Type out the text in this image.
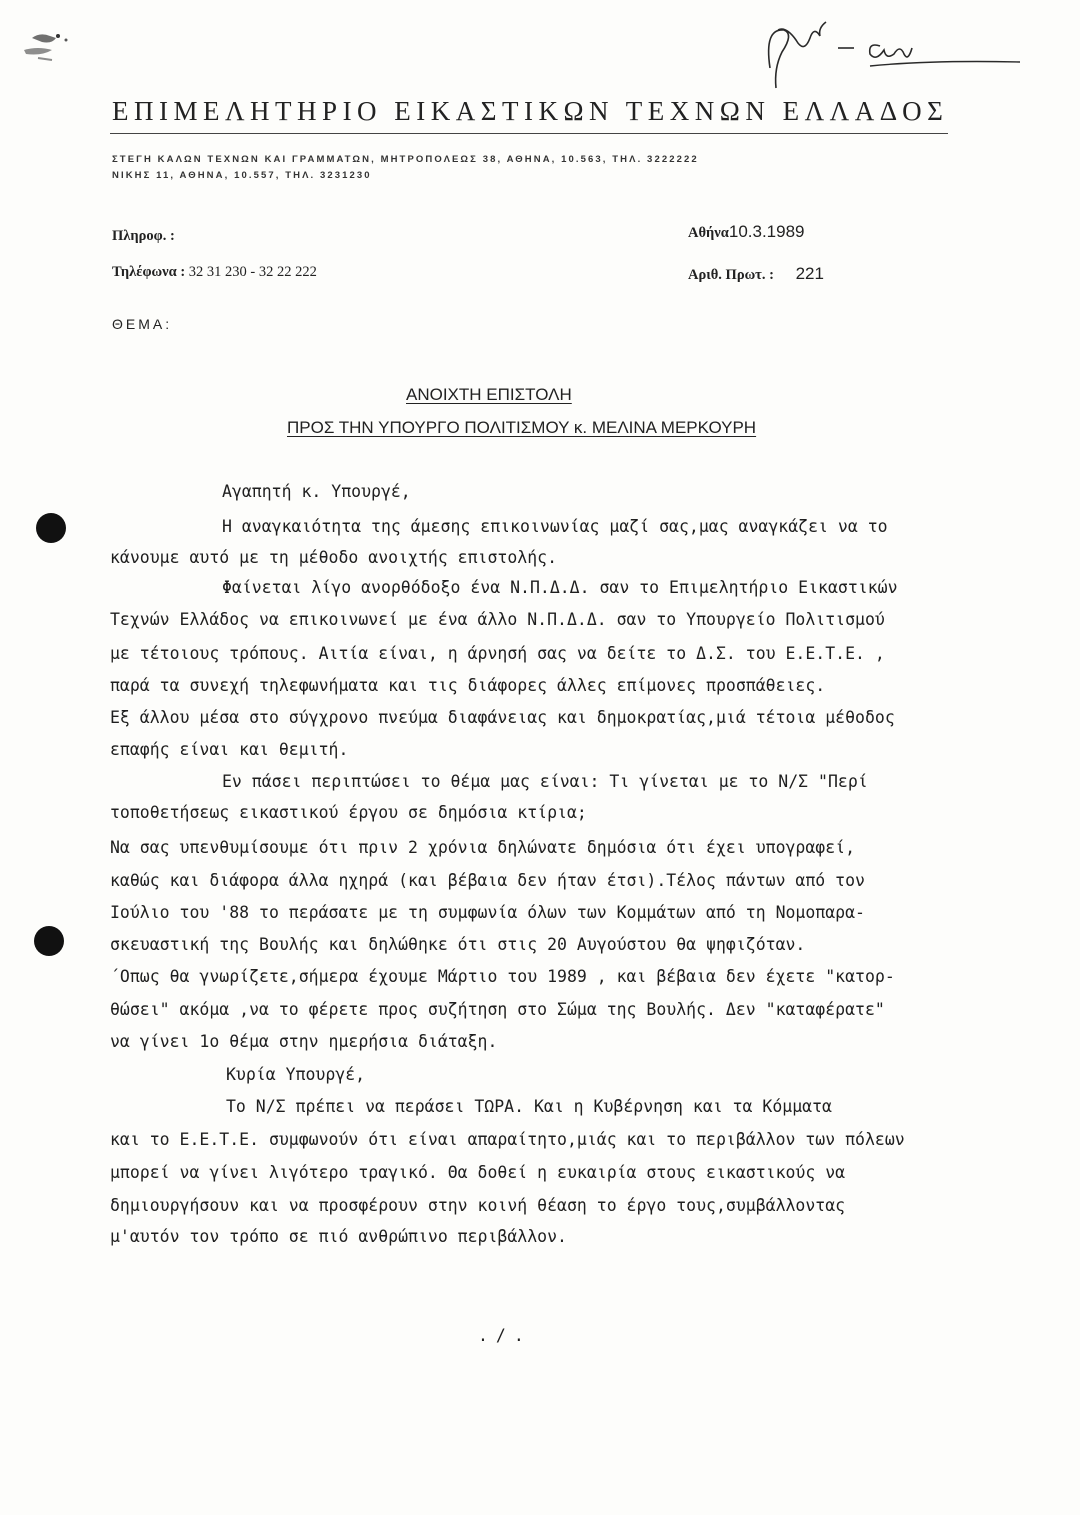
ΕΠΙΜΕΛΗΤΗΡΙΟ ΕΙΚΑΣΤΙΚΩΝ ΤΕΧΝΩΝ ΕΛΛΑΔΟΣ
ΣΤΕΓΗ ΚΑΛΩΝ ΤΕΧΝΩΝ ΚΑΙ ΓΡΑΜΜΑΤΩΝ, ΜΗΤΡΟΠΟΛΕΩΣ 38, ΑΘΗΝΑ, 10.563, ΤΗΛ. 3222222
ΝΙΚΗΣ 11, ΑΘΗΝΑ, 10.557, ΤΗΛ. 3231230
Πληροφ. :
Τηλέφωνα : 32 31 230 - 32 22 222
Αθήνα10.3.1989
Αριθ. Πρωτ. : 221
ΘΕΜΑ:
ΑΝΟΙΧΤΗ ΕΠΙΣΤΟΛΗ
ΠΡΟΣ ΤΗΝ ΥΠΟΥΡΓΟ ΠΟΛΙΤΙΣΜΟΥ κ. ΜΕΛΙΝΑ ΜΕΡΚΟΥΡΗ
Αγαπητή κ. Υπουργέ,
Η αναγκαιότητα της άμεσης επικοινωνίας μαζί σας,μας αναγκάζει να το
κάνουμε αυτό με τη μέθοδο ανοιχτής επιστολής.
Φαίνεται λίγο ανορθόδοξο ένα Ν.Π.Δ.Δ. σαν το Επιμελητήριο Εικαστικών
Τεχνών Ελλάδος να επικοινωνεί με ένα άλλο Ν.Π.Δ.Δ. σαν το Υπουργείο Πολιτισμού
με τέτοιους τρόπους. Αιτία είναι, η άρνησή σας να δείτε το Δ.Σ. του Ε.Ε.Τ.Ε. ,
παρά τα συνεχή τηλεφωνήματα και τις διάφορες άλλες επίμονες προσπάθειες.
Εξ άλλου μέσα στο σύγχρονο πνεύμα διαφάνειας και δημοκρατίας,μιά τέτοια μέθοδος
επαφής είναι και θεμιτή.
Εν πάσει περιπτώσει το θέμα μας είναι: Τι γίνεται με το Ν/Σ "Περί
τοποθετήσεως εικαστικού έργου σε δημόσια κτίρια;
Να σας υπενθυμίσουμε ότι πριν 2 χρόνια δηλώνατε δημόσια ότι έχει υπογραφεί,
καθώς και διάφορα άλλα ηχηρά (και βέβαια δεν ήταν έτσι).Τέλος πάντων από τον
Ιούλιο του '88 το περάσατε με τη συμφωνία όλων των Κομμάτων από τη Νομοπαρα-
σκευαστική της Βουλής και δηλώθηκε ότι στις 20 Αυγούστου θα ψηφιζόταν.
΄Οπως θα γνωρίζετε,σήμερα έχουμε Μάρτιο του 1989 , και βέβαια δεν έχετε "κατορ-
θώσει" ακόμα ,να το φέρετε προς συζήτηση στο Σώμα της Βουλής. Δεν "καταφέρατε"
να γίνει 1ο θέμα στην ημερήσια διάταξη.
Κυρία Υπουργέ,
Το Ν/Σ πρέπει να περάσει ΤΩΡΑ. Και η Κυβέρνηση και τα Κόμματα
και το Ε.Ε.Τ.Ε. συμφωνούν ότι είναι απαραίτητο,μιάς και το περιβάλλον των πόλεων
μπορεί να γίνει λιγότερο τραγικό. Θα δοθεί η ευκαιρία στους εικαστικούς να
δημιουργήσουν και να προσφέρουν στην κοινή θέαση το έργο τους,συμβάλλοντας
μ'αυτόν τον τρόπο σε πιό ανθρώπινο περιβάλλον.
./.
